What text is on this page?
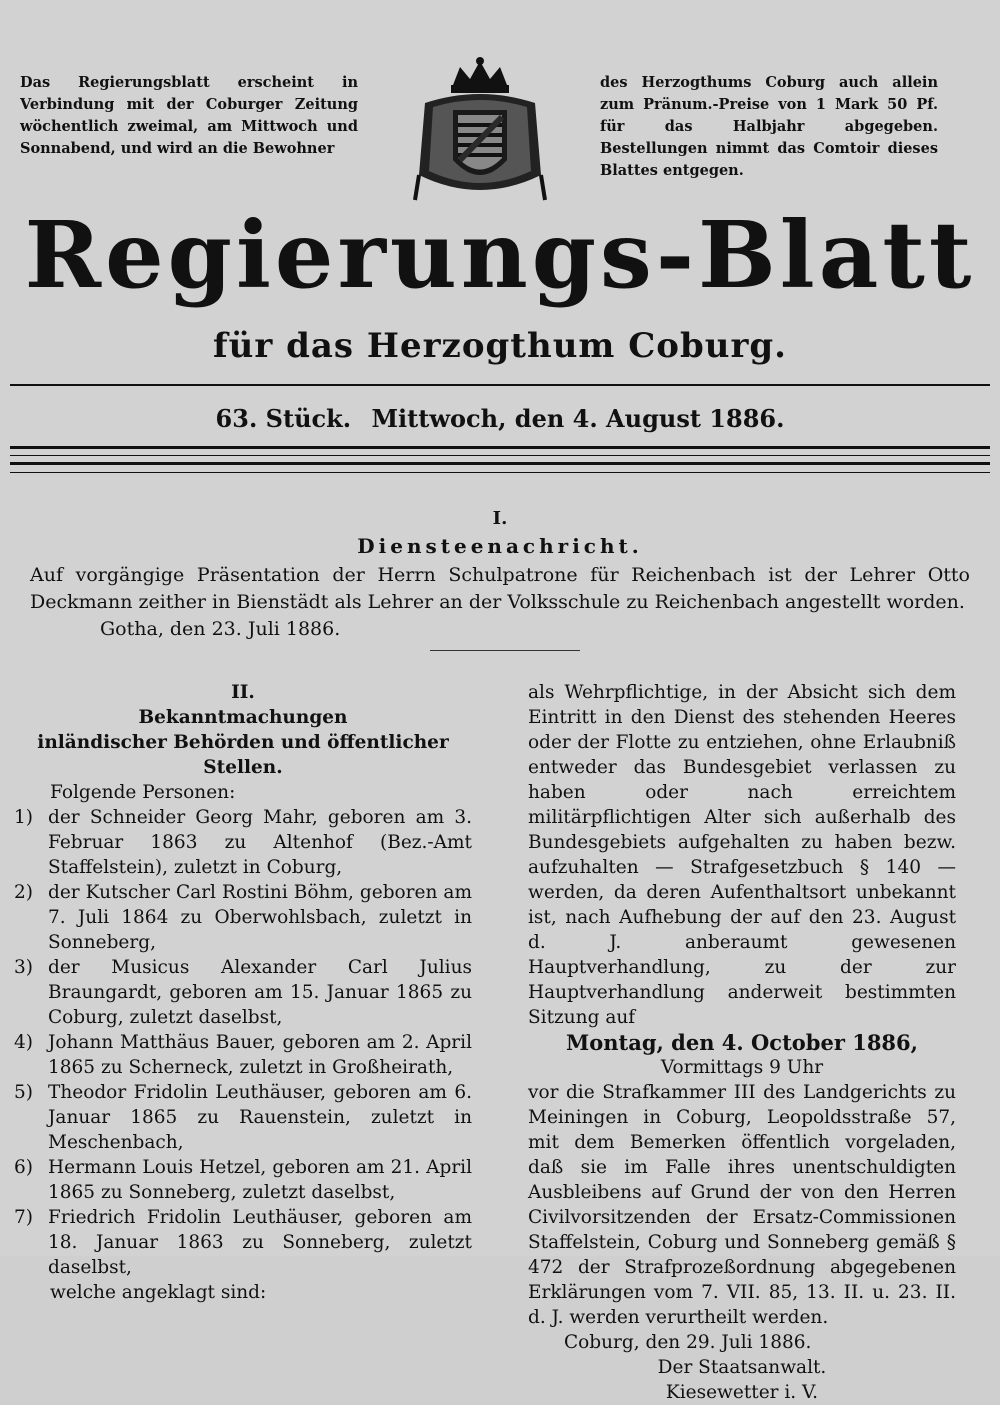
Das Regierungsblatt erscheint in Verbindung mit der Coburger Zeitung wöchentlich zweimal, am Mittwoch und Sonnabend, und wird an die Bewohner
des Herzogthums Coburg auch allein zum Pränum.-Preise von 1 Mark 50 Pf. für das Halbjahr abgegeben. Bestellungen nimmt das Comtoir dieses Blattes entgegen.
Regierungs-Blatt
für das Herzogthum Coburg.
63. Stück. Mittwoch, den 4. August 1886.
I.
Diensteenachricht.
Auf vorgängige Präsentation der Herrn Schulpatrone für Reichenbach ist der Lehrer Otto Deckmann zeither in Bienstädt als Lehrer an der Volksschule zu Reichenbach angestellt worden.
Gotha, den 23. Juli 1886.
II.
Bekanntmachungen
inländischer Behörden und öffentlicher Stellen.
Folgende Personen:
1) der Schneider Georg Mahr, geboren am 3. Februar 1863 zu Altenhof (Bez.-Amt Staffelstein), zuletzt in Coburg,
2) der Kutscher Carl Rostini Böhm, geboren am 7. Juli 1864 zu Oberwohlsbach, zuletzt in Sonneberg,
3) der Musicus Alexander Carl Julius Braungardt, geboren am 15. Januar 1865 zu Coburg, zuletzt daselbst,
4) Johann Matthäus Bauer, geboren am 2. April 1865 zu Scherneck, zuletzt in Großheirath,
5) Theodor Fridolin Leuthäuser, geboren am 6. Januar 1865 zu Rauenstein, zuletzt in Meschenbach,
6) Hermann Louis Hetzel, geboren am 21. April 1865 zu Sonneberg, zuletzt daselbst,
7) Friedrich Fridolin Leuthäuser, geboren am 18. Januar 1863 zu Sonneberg, zuletzt daselbst,
welche angeklagt sind:
als Wehrpflichtige, in der Absicht sich dem Eintritt in den Dienst des stehenden Heeres oder der Flotte zu entziehen, ohne Erlaubniß entweder das Bundesgebiet verlassen zu haben oder nach erreichtem militärpflichtigen Alter sich außerhalb des Bundesgebiets aufgehalten zu haben bezw. aufzuhalten — Strafgesetzbuch § 140 — werden, da deren Aufenthaltsort unbekannt ist, nach Aufhebung der auf den 23. August d. J. anberaumt gewesenen Hauptverhandlung, zu der zur Hauptverhandlung anderweit bestimmten Sitzung auf
Montag, den 4. October 1886,
Vormittags 9 Uhr
vor die Strafkammer III des Landgerichts zu Meiningen in Coburg, Leopoldsstraße 57, mit dem Bemerken öffentlich vorgeladen, daß sie im Falle ihres unentschuldigten Ausbleibens auf Grund der von den Herren Civilvorsitzenden der Ersatz-Commissionen Staffelstein, Coburg und Sonneberg gemäß § 472 der Strafprozeßordnung abgegebenen Erklärungen vom 7. VII. 85, 13. II. u. 23. II. d. J. werden verurtheilt werden.
Coburg, den 29. Juli 1886.
Der Staatsanwalt.
Kiesewetter i. V.
